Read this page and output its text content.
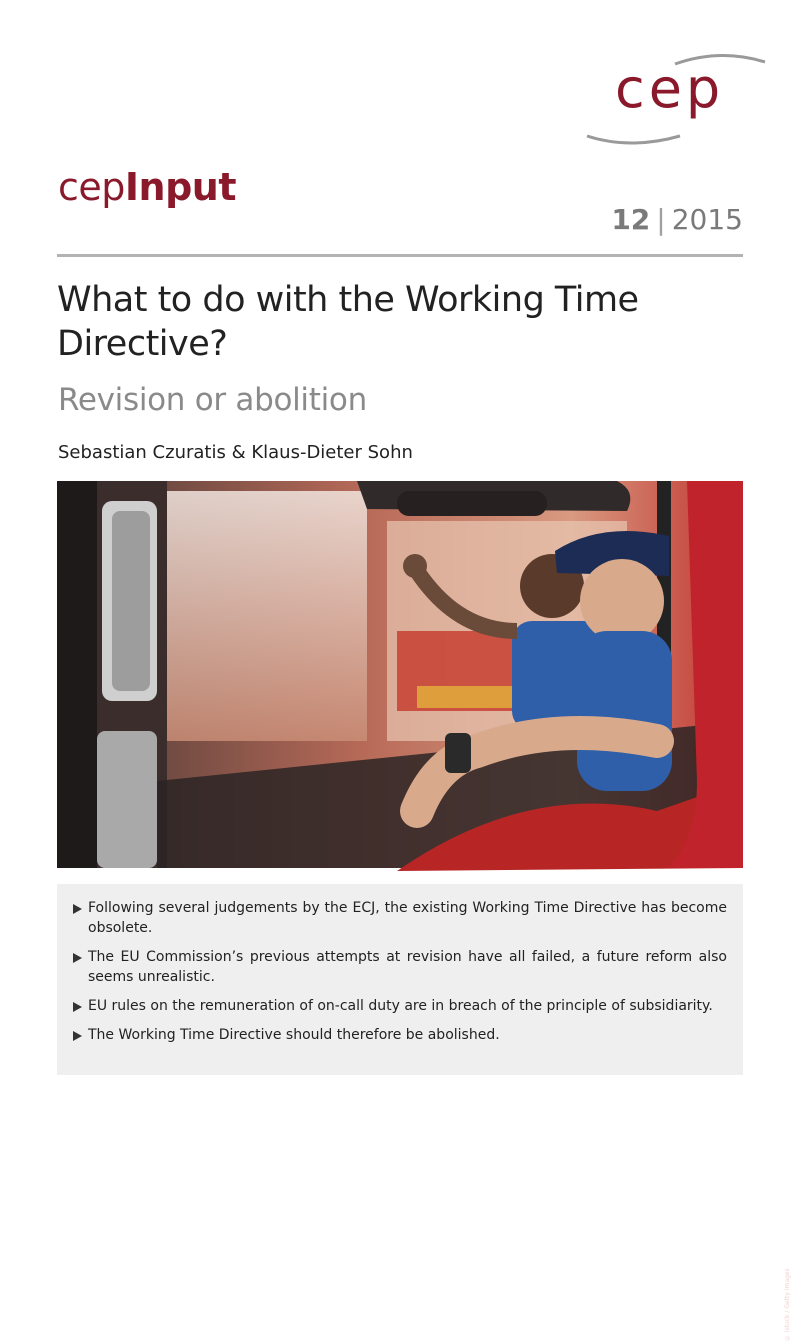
cep
cepInput
12 | 2015
What to do with the Working Time Directive?
Revision or abolition
Sebastian Czuratis & Klaus-Dieter Sohn
© istock / Getty Images
Following several judgements by the ECJ, the existing Working Time Directive has become obsolete.
The EU Commission’s previous attempts at revision have all failed, a future reform also seems unrealistic.
EU rules on the remuneration of on-call duty are in breach of the principle of subsidiarity.
The Working Time Directive should therefore be abolished.
